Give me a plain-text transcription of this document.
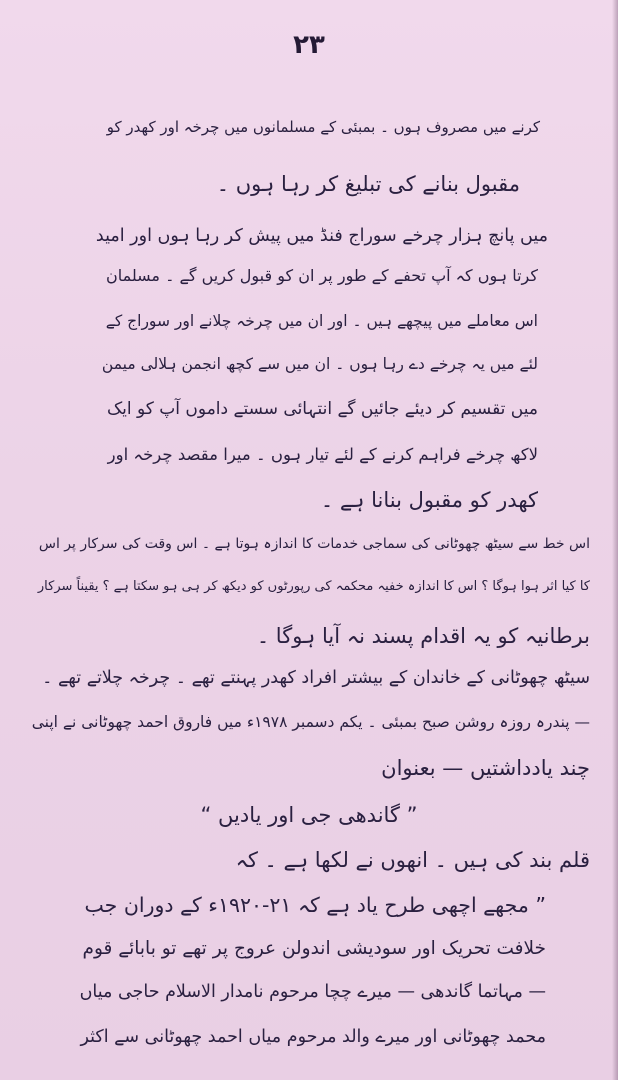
۲۳
کرنے میں مصروف ہوں ۔ بمبئی کے مسلمانوں میں چرخہ اور کھدر کو
مقبول بنانے کی تبلیغ کر رہا ہوں ۔
میں پانچ ہزار چرخے سوراج فنڈ میں پیش کر رہا ہوں اور امید
کرتا ہوں کہ آپ تحفے کے طور پر ان کو قبول کریں گے ۔ مسلمان
اس معاملے میں پیچھے ہیں ۔ اور ان میں چرخہ چلانے اور سوراج کے
لئے میں یہ چرخے دے رہا ہوں ۔ ان میں سے کچھ انجمن ہلالی میمن
میں تقسیم کر دیئے جائیں گے انتہائی سستے داموں آپ کو ایک
لاکھ چرخے فراہم کرنے کے لئے تیار ہوں ۔ میرا مقصد چرخہ اور
کھدر کو مقبول بنانا ہے ۔
اس خط سے سیٹھ چھوٹانی کی سماجی خدمات کا اندازہ ہوتا ہے ۔ اس وقت کی سرکار پر اس
کا کیا اثر ہوا ہوگا ؟ اس کا اندازہ خفیہ محکمہ کی رپورٹوں کو دیکھ کر ہی ہو سکتا ہے ؟ یقیناً سرکار
برطانیہ کو یہ اقدام پسند نہ آیا ہوگا ۔
سیٹھ چھوٹانی کے خاندان کے بیشتر افراد کھدر پہنتے تھے ۔ چرخہ چلاتے تھے ۔
— پندرہ روزہ روشن صبح بمبئی ۔ یکم دسمبر ۱۹۷۸ء میں فاروق احمد چھوٹانی نے اپنی
چند یادداشتیں — بعنوان
” گاندھی جی اور یادیں “
قلم بند کی ہیں ۔ انھوں نے لکھا ہے ۔ کہ
” مجھے اچھی طرح یاد ہے کہ ۲۱-۱۹۲۰ء کے دوران جب
خلافت تحریک اور سودیشی اندولن عروج پر تھے تو بابائے قوم
— مہاتما گاندھی — میرے چچا مرحوم نامدار الاسلام حاجی میاں
محمد چھوٹانی اور میرے والد مرحوم میاں احمد چھوٹانی سے اکثر
